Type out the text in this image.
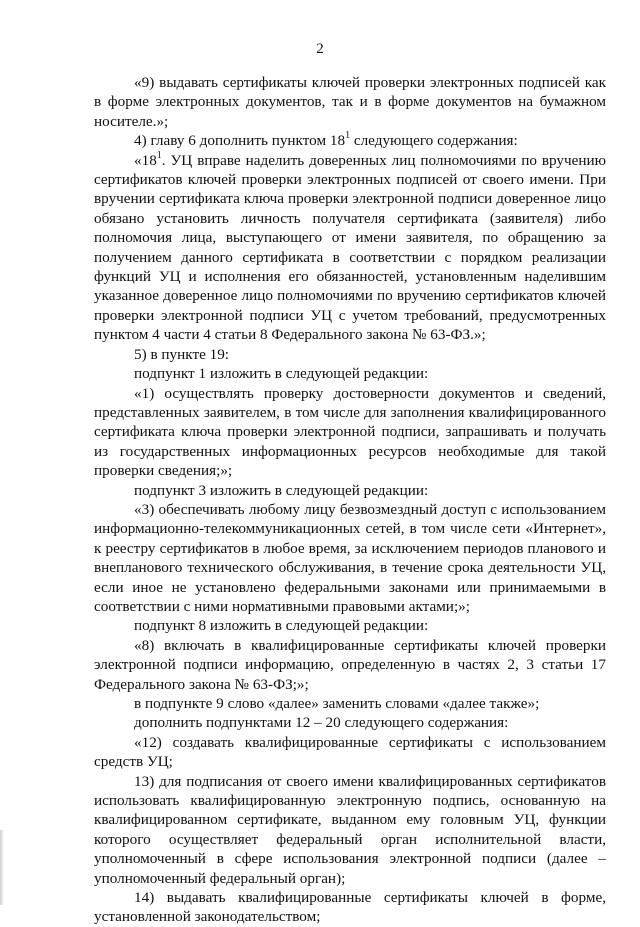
2

«9) выдавать сертификаты ключей проверки электронных подписей как в форме электронных документов, так и в форме документов на бумажном носителе.»;

4) главу 6 дополнить пунктом $18^1$ следующего содержания:

«$18^1$. УЦ вправе наделить доверенных лиц полномочиями по вручению сертификатов ключей проверки электронных подписей от своего имени. При вручении сертификата ключа проверки электронной подписи доверенное лицо обязано установить личность получателя сертификата (заявителя) либо полномочия лица, выступающего от имени заявителя, по обращению за получением данного сертификата в соответствии с порядком реализации функций УЦ и исполнения его обязанностей, установленным наделившим указанное доверенное лицо полномочиями по вручению сертификатов ключей проверки электронной подписи УЦ с учетом требований, предусмотренных пунктом 4 части 4 статьи 8 Федерального закона № 63-ФЗ.»;

5) в пункте 19:

подпункт 1 изложить в следующей редакции:

«1) осуществлять проверку достоверности документов и сведений, представленных заявителем, в том числе для заполнения квалифицированного сертификата ключа проверки электронной подписи, запрашивать и получать из государственных информационных ресурсов необходимые для такой проверки сведения;»;

подпункт 3 изложить в следующей редакции:

«3) обеспечивать любому лицу безвозмездный доступ с использованием информационно-телекоммуникационных сетей, в том числе сети «Интернет», к реестру сертификатов в любое время, за исключением периодов планового и внепланового технического обслуживания, в течение срока деятельности УЦ, если иное не установлено федеральными законами или принимаемыми в соответствии с ними нормативными правовыми актами;»;

подпункт 8 изложить в следующей редакции:

«8) включать в квалифицированные сертификаты ключей проверки электронной подписи информацию, определенную в частях 2, 3 статьи 17 Федерального закона № 63-ФЗ;»;

в подпункте 9 слово «далее» заменить словами «далее также»;

дополнить подпунктами 12 – 20 следующего содержания:

«12) создавать квалифицированные сертификаты с использованием средств УЦ;

13) для подписания от своего имени квалифицированных сертификатов использовать квалифицированную электронную подпись, основанную на квалифицированном сертификате, выданном ему головным УЦ, функции которого осуществляет федеральный орган исполнительной власти, уполномоченный в сфере использования электронной подписи (далее – уполномоченный федеральный орган);

14) выдавать квалифицированные сертификаты ключей в форме, установленной законодательством;
